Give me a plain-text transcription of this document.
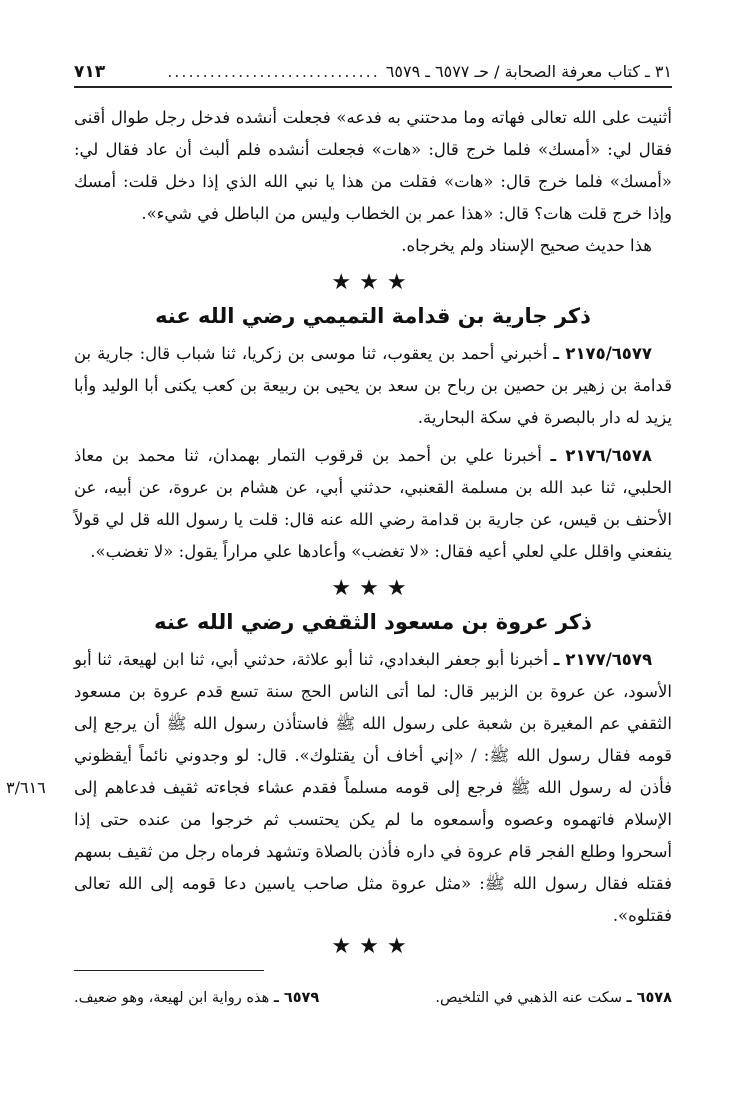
٣١ ـ كتاب معرفة الصحابة / حـ ٦٥٧٧ ـ ٦٥٧٩
..............................
٧١٣

أثنيت على الله تعالى فهاته وما مدحتني به فدعه» فجعلت أنشده فدخل رجل طوال أقنى فقال لي: «أمسك» فلما خرج قال: «هات» فجعلت أنشده فلم ألبث أن عاد فقال لي: «أمسك» فلما خرج قال: «هات» فقلت من هذا يا نبي الله الذي إذا دخل قلت: أمسك وإذا خرج قلت هات؟ قال: «هذا عمر بن الخطاب وليس من الباطل في شيء».

هذا حديث صحيح الإسناد ولم يخرجاه.

★★★
ذكر جارية بن قدامة التميمي رضي الله عنه

٢١٧٥/٦٥٧٧ ـ أخبرني أحمد بن يعقوب، ثنا موسى بن زكريا، ثنا شباب قال: جارية بن قدامة بن زهير بن حصين بن رباح بن سعد بن يحيى بن ربيعة بن كعب يكنى أبا الوليد وأبا يزيد له دار بالبصرة في سكة البحارية.

٢١٧٦/٦٥٧٨ ـ أخبرنا علي بن أحمد بن قرقوب التمار بهمدان، ثنا محمد بن معاذ الحلبي، ثنا عبد الله بن مسلمة القعنبي، حدثني أبي، عن هشام بن عروة، عن أبيه، عن الأحنف بن قيس، عن جارية بن قدامة رضي الله عنه قال: قلت يا رسول الله قل لي قولاً ينفعني واقلل علي لعلي أعيه فقال: «لا تغضب» وأعادها علي مراراً يقول: «لا تغضب».

★★★
ذكر عروة بن مسعود الثقفي رضي الله عنه

٢١٧٧/٦٥٧٩ ـ أخبرنا أبو جعفر البغدادي، ثنا أبو علاثة، حدثني أبي، ثنا ابن لهيعة، ثنا أبو الأسود، عن عروة بن الزبير قال: لما أتى الناس الحج سنة تسع قدم عروة بن مسعود الثقفي عم المغيرة بن شعبة على رسول الله ﷺ فاستأذن رسول الله ﷺ أن يرجع إلى قومه فقال رسول الله ﷺ: / «إني أخاف أن يقتلوك». قال: لو وجدوني نائماً أيقظوني فأذن له رسول الله ﷺ فرجع إلى قومه مسلماً فقدم عشاء فجاءته ثقيف فدعاهم إلى الإسلام فاتهموه وعصوه وأسمعوه ما لم يكن يحتسب ثم خرجوا من عنده حتى إذا أسحروا وطلع الفجر قام عروة في داره فأذن بالصلاة وتشهد فرماه رجل من ثقيف بسهم فقتله فقال رسول الله ﷺ: «مثل عروة مثل صاحب ياسين دعا قومه إلى الله تعالى فقتلوه».

٣/٦١٦
★★★
٦٥٧٨ ـ سكت عنه الذهبي في التلخيص.
٦٥٧٩ ـ هذه رواية ابن لهيعة، وهو ضعيف.
